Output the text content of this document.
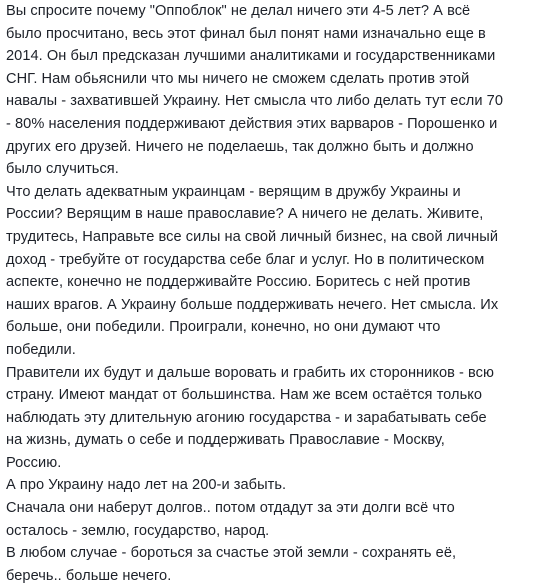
Вы спросите почему "Оппоблок" не делал ничего эти 4-5 лет? А всё
было просчитано, весь этот финал был понят нами изначально еще в
2014. Он был предсказан лучшими аналитиками и государственниками
СНГ. Нам обьяснили что мы ничего не сможем сделать против этой
навалы - захватившей Украину. Нет смысла что либо делать тут если 70
- 80% населения поддерживают действия этих варваров - Порошенко и
других его друзей. Ничего не поделаешь, так должно быть и должно
было случиться.
Что делать адекватным украинцам - верящим в дружбу Украины и
России? Верящим в наше православие? А ничего не делать. Живите,
трудитесь, Направьте все силы на свой личный бизнес, на свой личный
доход - требуйте от государства себе благ и услуг. Но в политическом
аспекте, конечно не поддерживайте Россию. Боритесь с ней против
наших врагов. А Украину больше поддерживать нечего. Нет смысла. Их
больше, они победили. Проиграли, конечно, но они думают что
победили.
Правители их будут и дальше воровать и грабить их сторонников - всю
страну. Имеют мандат от большинства. Нам же всем остаётся только
наблюдать эту длительную агонию государства - и зарабатывать себе
на жизнь, думать о себе и поддерживать Православие - Москву,
Россию.
А про Украину надо лет на 200-и забыть.
Сначала они наберут долгов.. потом отдадут за эти долги всё что
осталось - землю, государство, народ.
В любом случае - бороться за счастье этой земли - сохранять её,
беречь.. больше нечего.
